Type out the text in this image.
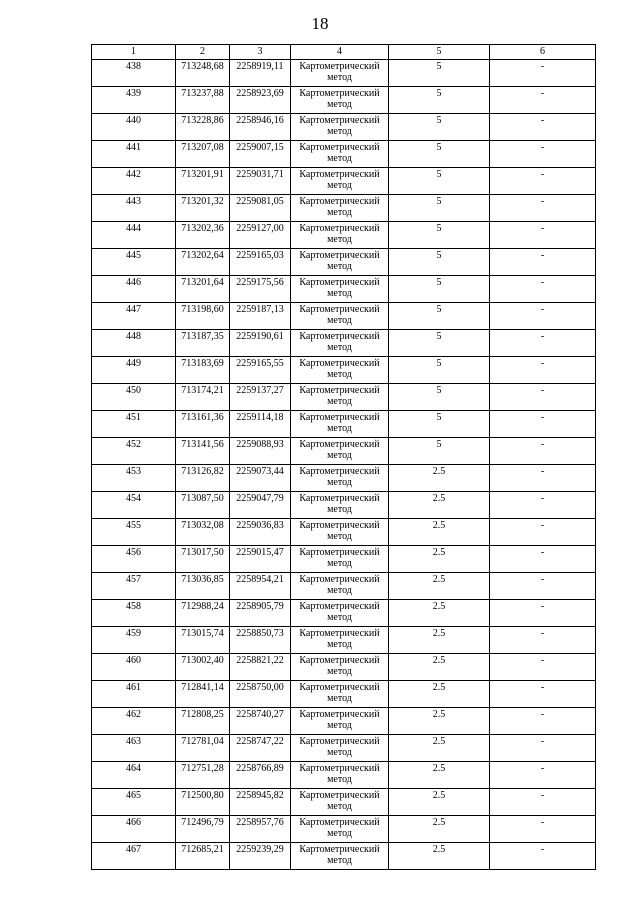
18
1	2	3	4	5	6
438	713248,68	2258919,11	Картометрический метод	5	-
439	713237,88	2258923,69	Картометрический метод	5	-
440	713228,86	2258946,16	Картометрический метод	5	-
441	713207,08	2259007,15	Картометрический метод	5	-
442	713201,91	2259031,71	Картометрический метод	5	-
443	713201,32	2259081,05	Картометрический метод	5	-
444	713202,36	2259127,00	Картометрический метод	5	-
445	713202,64	2259165,03	Картометрический метод	5	-
446	713201,64	2259175,56	Картометрический метод	5	-
447	713198,60	2259187,13	Картометрический метод	5	-
448	713187,35	2259190,61	Картометрический метод	5	-
449	713183,69	2259165,55	Картометрический метод	5	-
450	713174,21	2259137,27	Картометрический метод	5	-
451	713161,36	2259114,18	Картометрический метод	5	-
452	713141,56	2259088,93	Картометрический метод	5	-
453	713126,82	2259073,44	Картометрический метод	2.5	-
454	713087,50	2259047,79	Картометрический метод	2.5	-
455	713032,08	2259036,83	Картометрический метод	2.5	-
456	713017,50	2259015,47	Картометрический метод	2.5	-
457	713036,85	2258954,21	Картометрический метод	2.5	-
458	712988,24	2258905,79	Картометрический метод	2.5	-
459	713015,74	2258850,73	Картометрический метод	2.5	-
460	713002,40	2258821,22	Картометрический метод	2.5	-
461	712841,14	2258750,00	Картометрический метод	2.5	-
462	712808,25	2258740,27	Картометрический метод	2.5	-
463	712781,04	2258747,22	Картометрический метод	2.5	-
464	712751,28	2258766,89	Картометрический метод	2.5	-
465	712500,80	2258945,82	Картометрический метод	2.5	-
466	712496,79	2258957,76	Картометрический метод	2.5	-
467	712685,21	2259239,29	Картометрический метод	2.5	-
